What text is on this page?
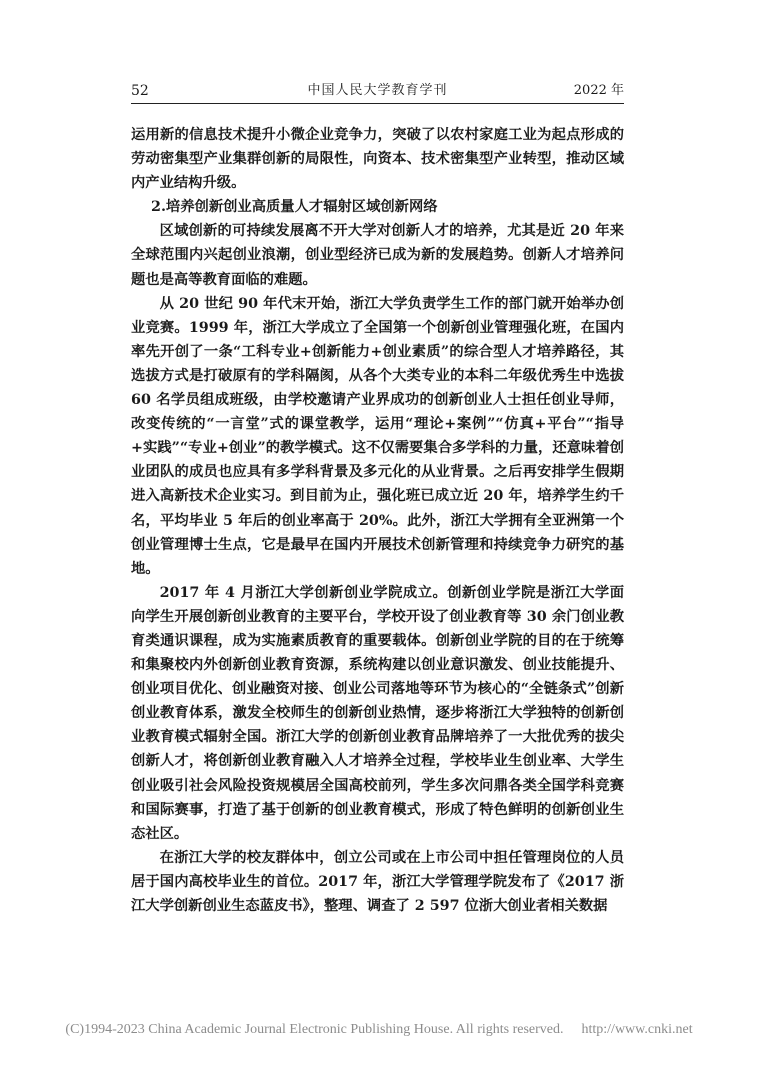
52	中国人民大学教育学刊	2022 年

运用新的信息技术提升小微企业竞争力，突破了以农村家庭工业为起点形成的劳动密集型产业集群创新的局限性，向资本、技术密集型产业转型，推动区域内产业结构升级。

2.培养创新创业高质量人才辐射区域创新网络

区域创新的可持续发展离不开大学对创新人才的培养，尤其是近 20 年来全球范围内兴起创业浪潮，创业型经济已成为新的发展趋势。创新人才培养问题也是高等教育面临的难题。

从 20 世纪 90 年代末开始，浙江大学负责学生工作的部门就开始举办创业竞赛。1999 年，浙江大学成立了全国第一个创新创业管理强化班，在国内率先开创了一条“工科专业+创新能力+创业素质”的综合型人才培养路径，其选拔方式是打破原有的学科隔阂，从各个大类专业的本科二年级优秀生中选拔 60 名学员组成班级，由学校邀请产业界成功的创新创业人士担任创业导师，改变传统的“一言堂”式的课堂教学，运用“理论+案例”“仿真+平台”“指导+实践”“专业+创业”的教学模式。这不仅需要集合多学科的力量，还意味着创业团队的成员也应具有多学科背景及多元化的从业背景。之后再安排学生假期进入高新技术企业实习。到目前为止，强化班已成立近 20 年，培养学生约千名，平均毕业 5 年后的创业率高于 20%。此外，浙江大学拥有全亚洲第一个创业管理博士生点，它是最早在国内开展技术创新管理和持续竞争力研究的基地。

2017 年 4 月浙江大学创新创业学院成立。创新创业学院是浙江大学面向学生开展创新创业教育的主要平台，学校开设了创业教育等 30 余门创业教育类通识课程，成为实施素质教育的重要载体。创新创业学院的目的在于统筹和集聚校内外创新创业教育资源，系统构建以创业意识激发、创业技能提升、创业项目优化、创业融资对接、创业公司落地等环节为核心的“全链条式”创新创业教育体系，激发全校师生的创新创业热情，逐步将浙江大学独特的创新创业教育模式辐射全国。浙江大学的创新创业教育品牌培养了一大批优秀的拔尖创新人才，将创新创业教育融入人才培养全过程，学校毕业生创业率、大学生创业吸引社会风险投资规模居全国高校前列，学生多次问鼎各类全国学科竞赛和国际赛事，打造了基于创新的创业教育模式，形成了特色鲜明的创新创业生态社区。

在浙江大学的校友群体中，创立公司或在上市公司中担任管理岗位的人员居于国内高校毕业生的首位。2017 年，浙江大学管理学院发布了《2017 浙江大学创新创业生态蓝皮书》，整理、调查了 2 597 位浙大创业者相关数据

(C)1994-2023 China Academic Journal Electronic Publishing House. All rights reserved. http://www.cnki.net
